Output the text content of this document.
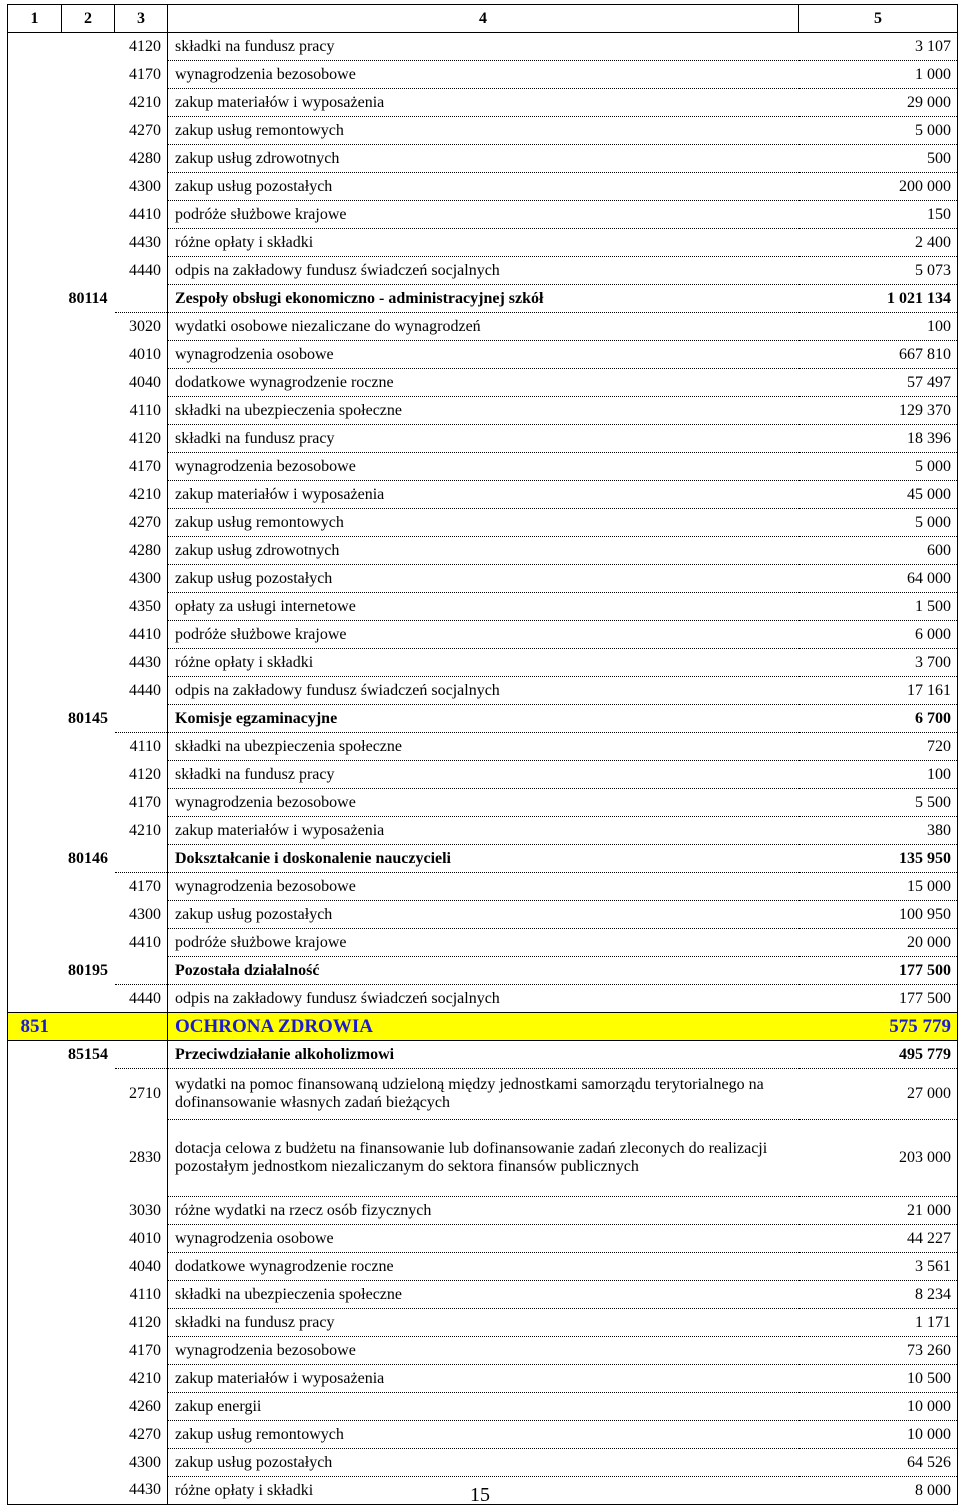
1	2	3	4	5
		4120	składki na fundusz pracy	3 107
		4170	wynagrodzenia bezosobowe	1 000
		4210	zakup materiałów i wyposażenia	29 000
		4270	zakup usług remontowych	5 000
		4280	zakup usług zdrowotnych	500
		4300	zakup usług pozostałych	200 000
		4410	podróże służbowe krajowe	150
		4430	różne opłaty i składki	2 400
		4440	odpis na zakładowy fundusz świadczeń socjalnych	5 073
	80114		Zespoły obsługi ekonomiczno - administracyjnej szkół	1 021 134
		3020	wydatki osobowe niezaliczane do wynagrodzeń	100
		4010	wynagrodzenia osobowe	667 810
		4040	dodatkowe wynagrodzenie roczne	57 497
		4110	składki na ubezpieczenia społeczne	129 370
		4120	składki na fundusz pracy	18 396
		4170	wynagrodzenia bezosobowe	5 000
		4210	zakup materiałów i wyposażenia	45 000
		4270	zakup usług remontowych	5 000
		4280	zakup usług zdrowotnych	600
		4300	zakup usług pozostałych	64 000
		4350	opłaty za usługi internetowe	1 500
		4410	podróże służbowe krajowe	6 000
		4430	różne opłaty i składki	3 700
		4440	odpis na zakładowy fundusz świadczeń socjalnych	17 161
	80145		Komisje egzaminacyjne	6 700
		4110	składki na ubezpieczenia społeczne	720
		4120	składki na fundusz pracy	100
		4170	wynagrodzenia bezosobowe	5 500
		4210	zakup materiałów i wyposażenia	380
	80146		Dokształcanie i doskonalenie nauczycieli	135 950
		4170	wynagrodzenia bezosobowe	15 000
		4300	zakup usług pozostałych	100 950
		4410	podróże służbowe krajowe	20 000
	80195		Pozostała działalność	177 500
		4440	odpis na zakładowy fundusz świadczeń socjalnych	177 500
851			OCHRONA ZDROWIA	575 779
	85154		Przeciwdziałanie alkoholizmowi	495 779
		2710	wydatki na pomoc finansowaną udzieloną między jednostkami samorządu terytorialnego na dofinansowanie własnych zadań bieżących	27 000
		2830	dotacja celowa z budżetu na finansowanie lub dofinansowanie zadań zleconych do realizacji pozostałym jednostkom niezaliczanym do sektora finansów publicznych	203 000
		3030	różne wydatki na rzecz osób fizycznych	21 000
		4010	wynagrodzenia osobowe	44 227
		4040	dodatkowe wynagrodzenie roczne	3 561
		4110	składki na ubezpieczenia społeczne	8 234
		4120	składki na fundusz pracy	1 171
		4170	wynagrodzenia bezosobowe	73 260
		4210	zakup materiałów i wyposażenia	10 500
		4260	zakup energii	10 000
		4270	zakup usług remontowych	10 000
		4300	zakup usług pozostałych	64 526
		4430	różne opłaty i składki	8 000
15
